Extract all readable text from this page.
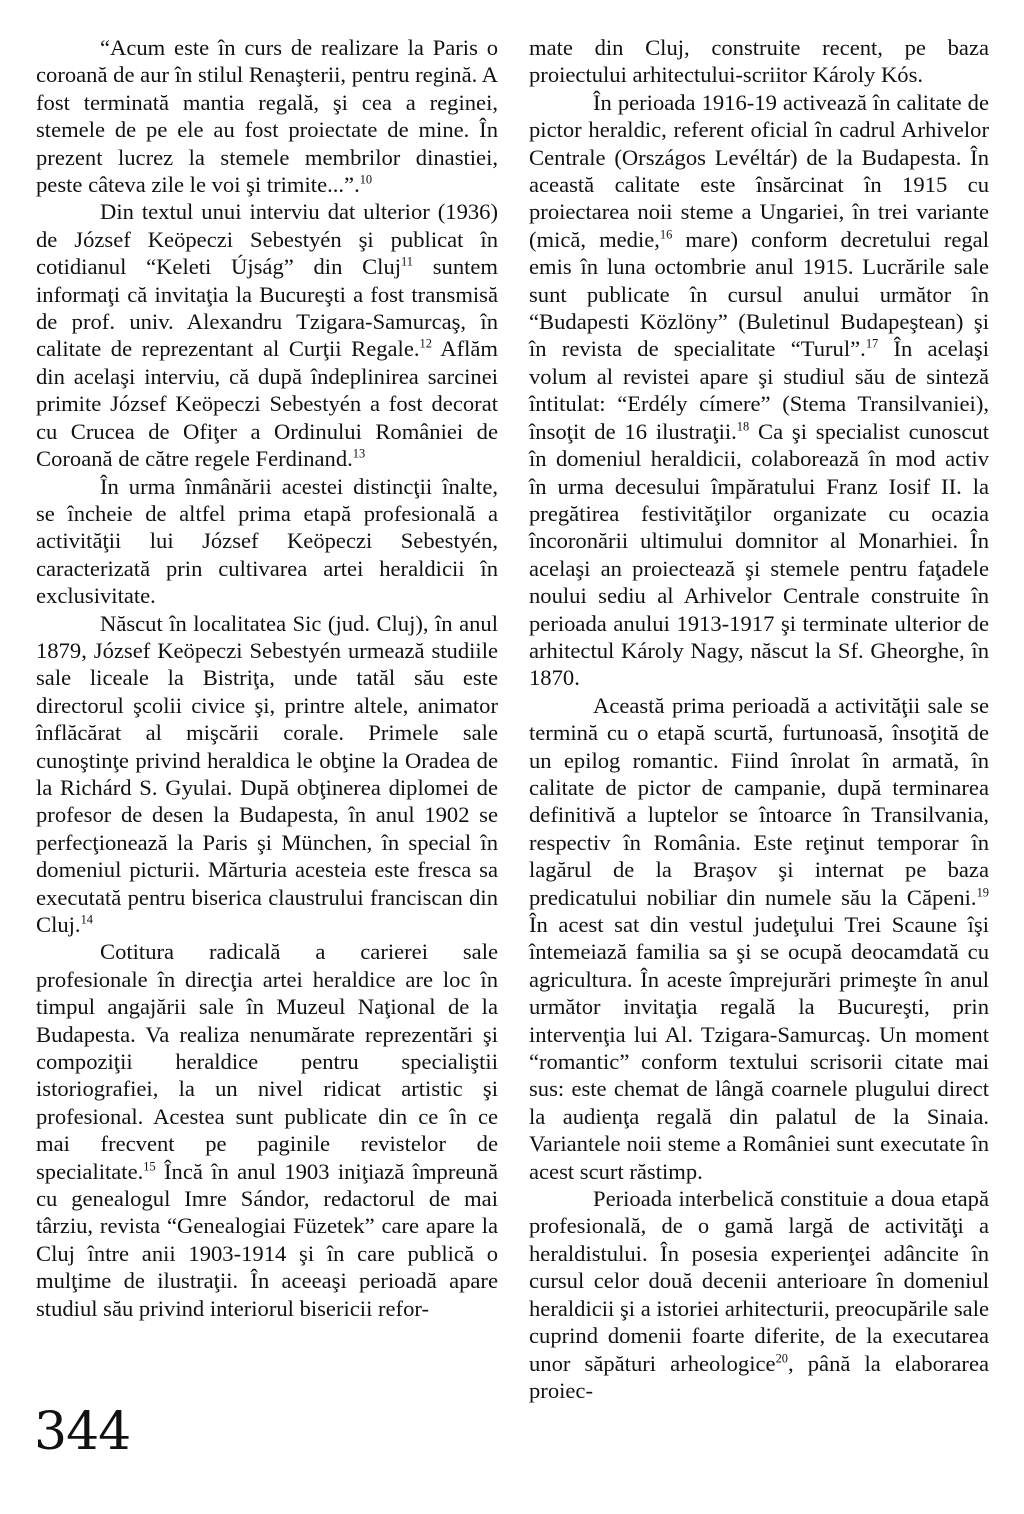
“Acum este în curs de realizare la Paris o coroană de aur în stilul Renaşterii, pentru regină. A fost terminată mantia regală, şi cea a reginei, stemele de pe ele au fost proiectate de mine. În prezent lucrez la stemele membrilor dinastiei, peste câteva zile le voi şi trimite...”.$^{10}$

Din textul unui interviu dat ulterior (1936) de József Keöpeczi Sebestyén şi publicat în cotidianul “Keleti Újság” din Cluj$^{11}$ suntem informaţi că invitaţia la Bucureşti a fost transmisă de prof. univ. Alexandru Tzigara-Samurcaş, în calitate de reprezentant al Curţii Regale.$^{12}$ Aflăm din acelaşi interviu, că după îndeplinirea sarcinei primite József Keöpeczi Sebestyén a fost decorat cu Crucea de Ofiţer a Ordinului României de Coroană de către regele Ferdinand.$^{13}$

În urma înmânării acestei distincţii înalte, se încheie de altfel prima etapă profesională a activităţii lui József Keöpeczi Sebestyén, caracterizată prin cultivarea artei heraldicii în exclusivitate.

Născut în localitatea Sic (jud. Cluj), în anul 1879, József Keöpeczi Sebestyén urmează studiile sale liceale la Bistriţa, unde tatăl său este directorul şcolii civice şi, printre altele, animator înflăcărat al mişcării corale. Primele sale cunoştinţe privind heraldica le obţine la Oradea de la Richárd S. Gyulai. După obţinerea diplomei de profesor de desen la Budapesta, în anul 1902 se perfecţionează la Paris şi München, în special în domeniul picturii. Mărturia acesteia este fresca sa executată pentru biserica claustrului franciscan din Cluj.$^{14}$

Cotitura radicală a carierei sale profesionale în direcţia artei heraldice are loc în timpul angajării sale în Muzeul Naţional de la Budapesta. Va realiza nenumărate reprezentări şi compoziţii heraldice pentru specialiştii istoriografiei, la un nivel ridicat artistic şi profesional. Acestea sunt publicate din ce în ce mai frecvent pe paginile revistelor de specialitate.$^{15}$ Încă în anul 1903 iniţiază împreună cu genealogul Imre Sándor, redactorul de mai târziu, revista “Genealogiai Füzetek” care apare la Cluj între anii 1903-1914 şi în care publică o mulţime de ilustraţii. În aceeaşi perioadă apare studiul său privind interiorul bisericii refor-

mate din Cluj, construite recent, pe baza proiectului arhitectului-scriitor Károly Kós.

În perioada 1916-19 activează în calitate de pictor heraldic, referent oficial în cadrul Arhivelor Centrale (Országos Levéltár) de la Budapesta. În această calitate este însărcinat în 1915 cu proiectarea noii steme a Ungariei, în trei variante (mică, medie,$^{16}$ mare) conform decretului regal emis în luna octombrie anul 1915. Lucrările sale sunt publicate în cursul anului următor în “Budapesti Közlöny” (Buletinul Budapeştean) şi în revista de specialitate “Turul”.$^{17}$ În acelaşi volum al revistei apare şi studiul său de sinteză întitulat: “Erdély címere” (Stema Transilvaniei), însoţit de 16 ilustraţii.$^{18}$ Ca şi specialist cunoscut în domeniul heraldicii, colaborează în mod activ în urma decesului împăratului Franz Iosif II. la pregătirea festivităţilor organizate cu ocazia încoronării ultimului domnitor al Monarhiei. În acelaşi an proiectează şi stemele pentru faţadele noului sediu al Arhivelor Centrale construite în perioada anului 1913-1917 şi terminate ulterior de arhitectul Károly Nagy, născut la Sf. Gheorghe, în 1870.

Această prima perioadă a activităţii sale se termină cu o etapă scurtă, furtunoasă, însoţită de un epilog romantic. Fiind înrolat în armată, în calitate de pictor de campanie, după terminarea definitivă a luptelor se întoarce în Transilvania, respectiv în România. Este reţinut temporar în lagărul de la Braşov şi internat pe baza predicatului nobiliar din numele său la Căpeni.$^{19}$ În acest sat din vestul judeţului Trei Scaune îşi întemeiază familia sa şi se ocupă deocamdată cu agricultura. În aceste împrejurări primeşte în anul următor invitaţia regală la Bucureşti, prin intervenţia lui Al. Tzigara-Samurcaş. Un moment “romantic” conform textului scrisorii citate mai sus: este chemat de lângă coarnele plugului direct la audienţa regală din palatul de la Sinaia. Variantele noii steme a României sunt executate în acest scurt răstimp.

Perioada interbelică constituie a doua etapă profesională, de o gamă largă de activităţi a heraldistului. În posesia experienţei adâncite în cursul celor două decenii anterioare în domeniul heraldicii şi a istoriei arhitecturii, preocupările sale cuprind domenii foarte diferite, de la executarea unor săpături arheologice$^{20}$, până la elaborarea proiec-

344
